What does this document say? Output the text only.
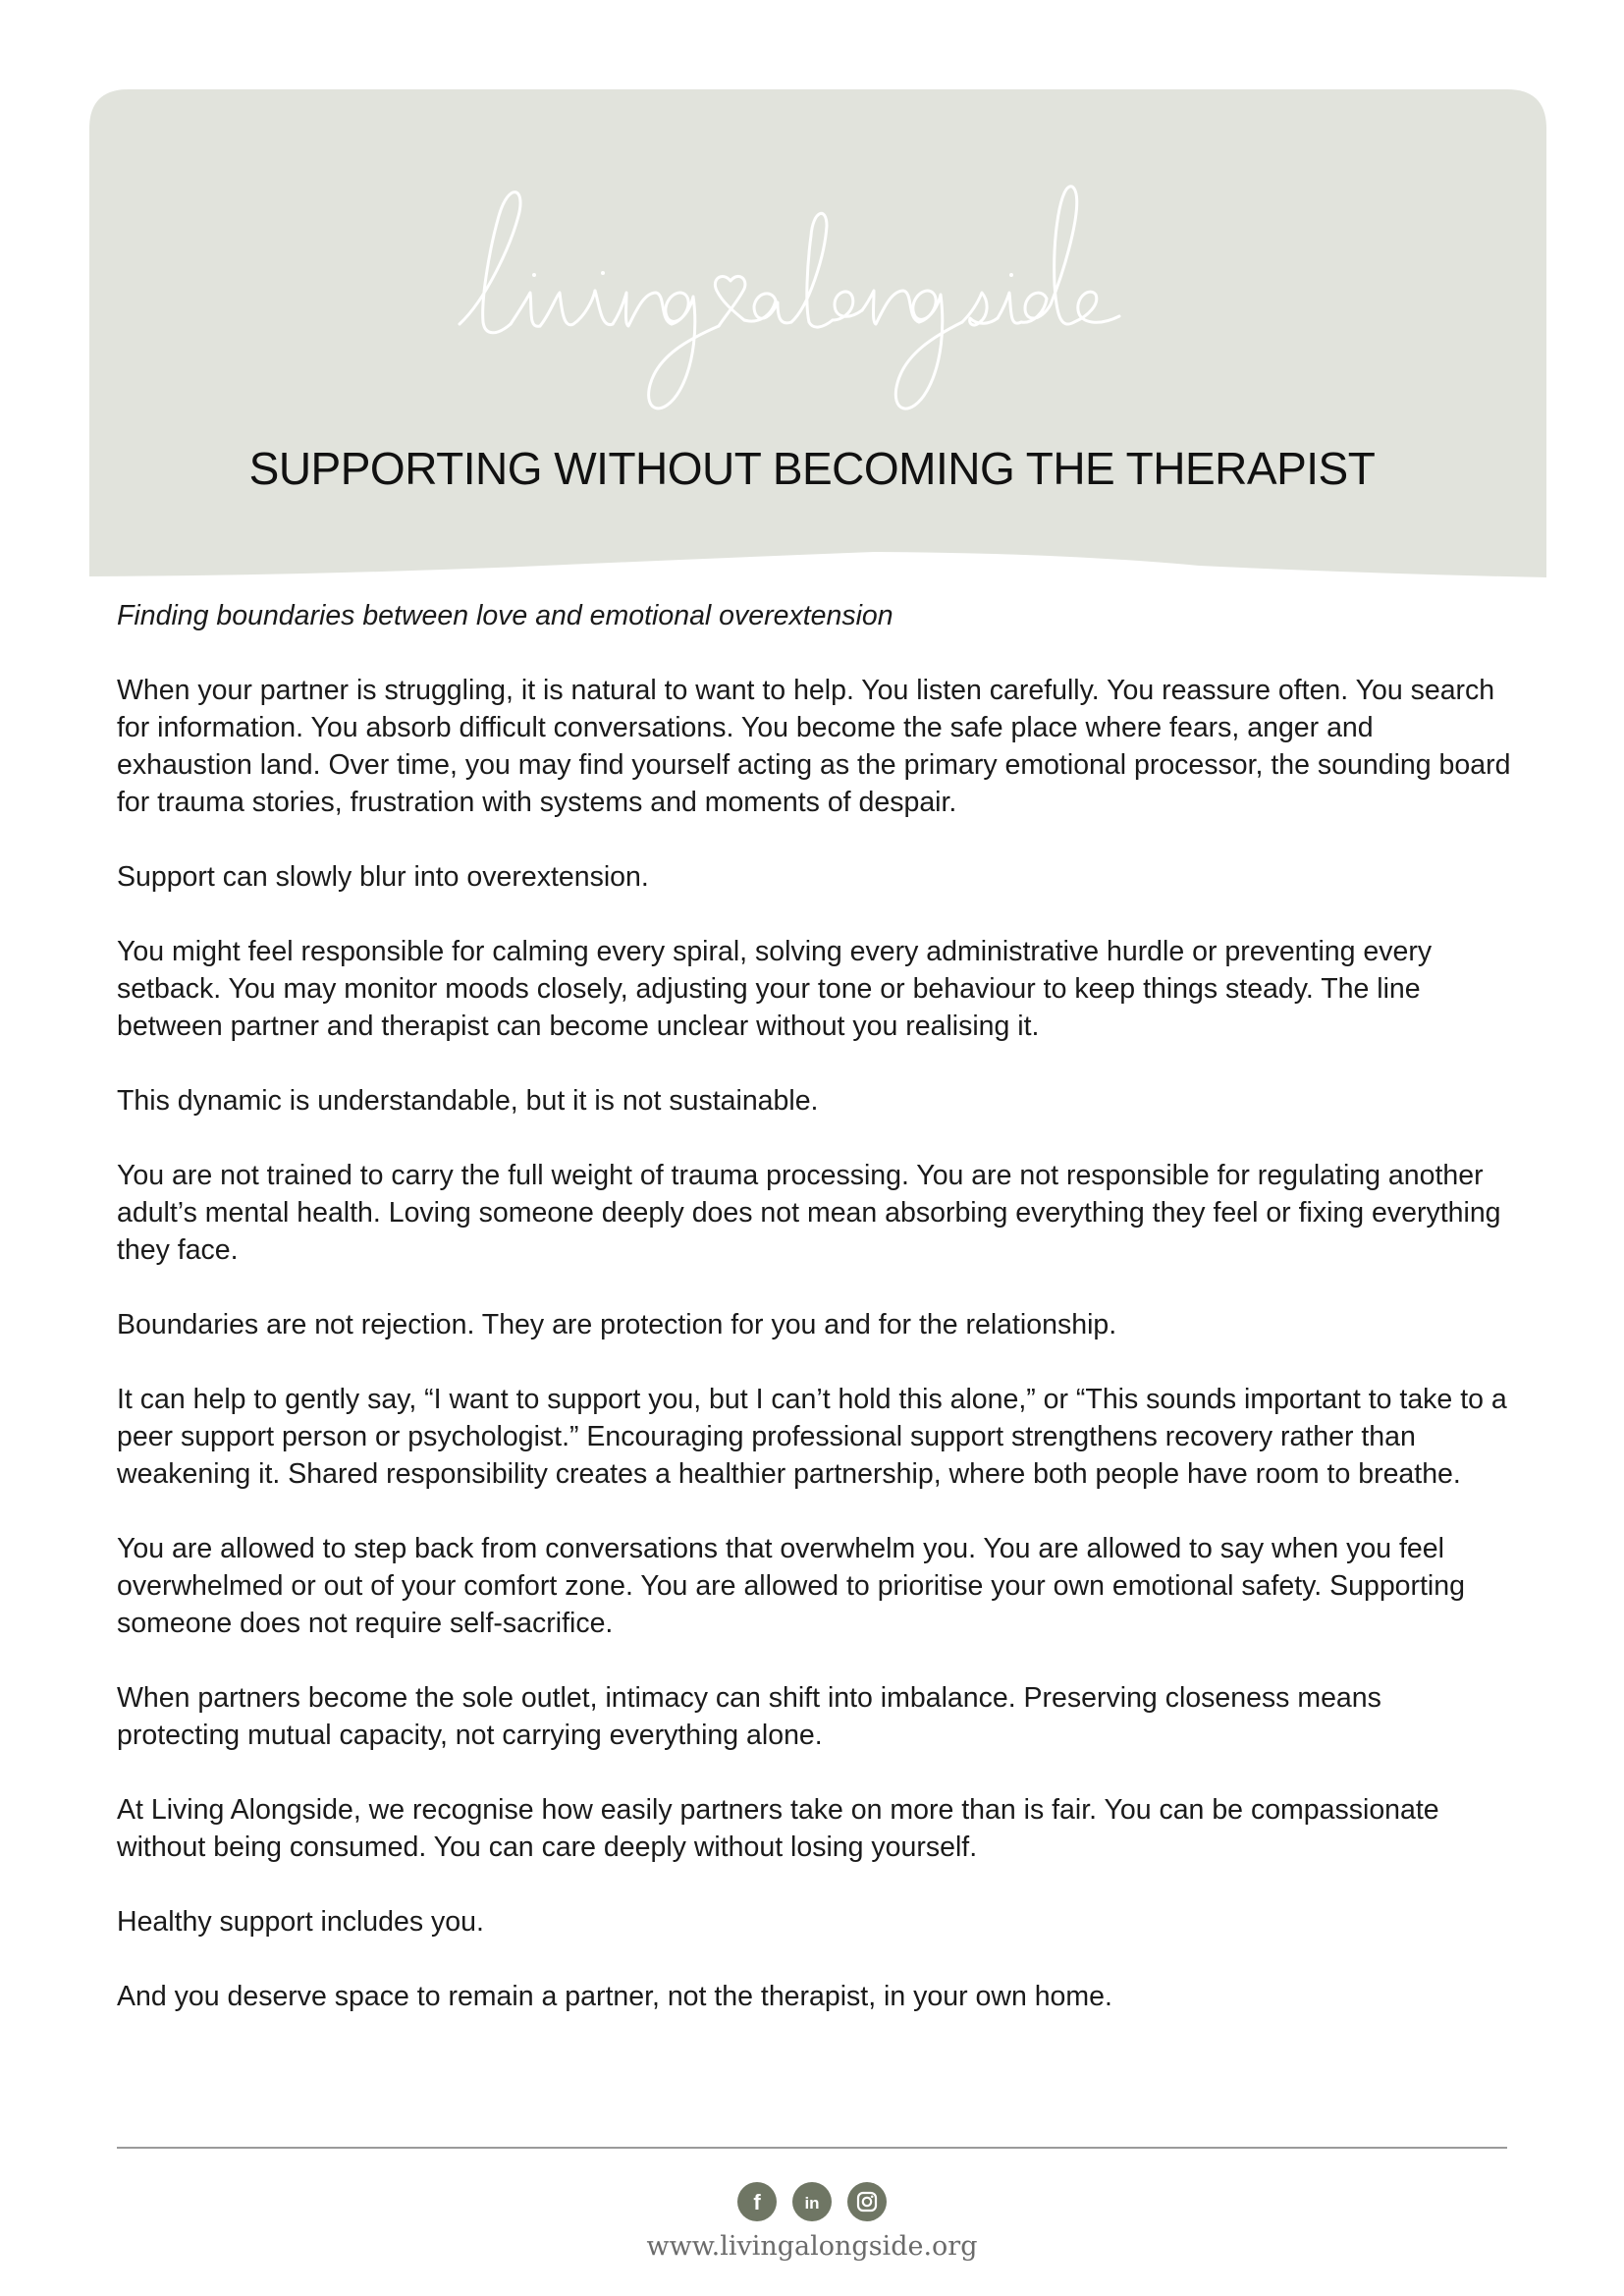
SUPPORTING WITHOUT BECOMING THE THERAPIST

Finding boundaries between love and emotional overextension

When your partner is struggling, it is natural to want to help. You listen carefully. You reassure often. You search for information. You absorb difficult conversations. You become the safe place where fears, anger and exhaustion land. Over time, you may find yourself acting as the primary emotional processor, the sounding board for trauma stories, frustration with systems and moments of despair.

Support can slowly blur into overextension.

You might feel responsible for calming every spiral, solving every administrative hurdle or preventing every setback. You may monitor moods closely, adjusting your tone or behaviour to keep things steady. The line between partner and therapist can become unclear without you realising it.

This dynamic is understandable, but it is not sustainable.

You are not trained to carry the full weight of trauma processing. You are not responsible for regulating another adult’s mental health. Loving someone deeply does not mean absorbing everything they feel or fixing everything they face.

Boundaries are not rejection. They are protection for you and for the relationship.

It can help to gently say, “I want to support you, but I can’t hold this alone,” or “This sounds important to take to a peer support person or psychologist.” Encouraging professional support strengthens recovery rather than weakening it. Shared responsibility creates a healthier partnership, where both people have room to breathe.

You are allowed to step back from conversations that overwhelm you. You are allowed to say when you feel overwhelmed or out of your comfort zone. You are allowed to prioritise your own emotional safety. Supporting someone does not require self-sacrifice.

When partners become the sole outlet, intimacy can shift into imbalance. Preserving closeness means protecting mutual capacity, not carrying everything alone.

At Living Alongside, we recognise how easily partners take on more than is fair. You can be compassionate without being consumed. You can care deeply without losing yourself.

Healthy support includes you.

And you deserve space to remain a partner, not the therapist, in your own home.

f	in
www.livingalongside.org
